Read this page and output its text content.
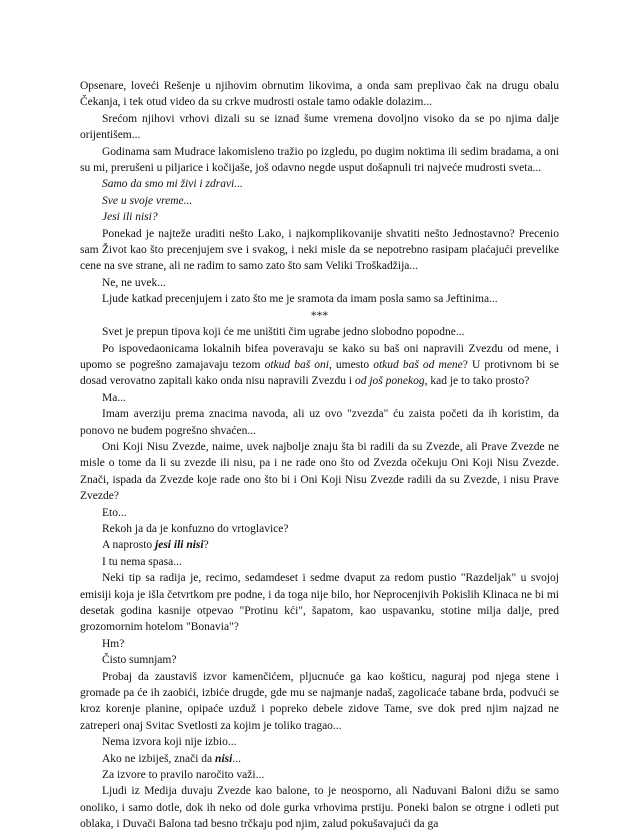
Opsenare, loveći Rešenje u njihovim obrnutim likovima, a onda sam preplivao čak na drugu obalu Čekanja, i tek otud video da su crkve mudrosti ostale tamo odakle dolazim...

Srećom njihovi vrhovi dizali su se iznad šume vremena dovoljno visoko da se po njima dalje orijentišem...

Godinama sam Mudrace lakomisleno tražio po izgledu, po dugim noktima ili sedim bradama, a oni su mi, prerušeni u piljarice i kočijaše, još odavno negde usput došapnuli tri najveće mudrosti sveta...

Samo da smo mi živi i zdravi...

Sve u svoje vreme...

Jesi ili nisi?

Ponekad je najteže uraditi nešto Lako, i najkomplikovanije shvatiti nešto Jednostavno? Precenio sam Život kao što precenjujem sve i svakog, i neki misle da se nepotrebno rasipam plaćajući prevelike cene na sve strane, ali ne radim to samo zato što sam Veliki Troškadžija...

Ne, ne uvek...

Ljude katkad precenjujem i zato što me je sramota da imam posla samo sa Jeftinima...

***

Svet je prepun tipova koji će me uništiti čim ugrabe jedno slobodno popodne...

Po ispovedaonicama lokalnih bifea poveravaju se kako su baš oni napravili Zvezdu od mene, i upomo se pogrešno zamajavaju tezom otkud baš oni, umesto otkud baš od mene? U protivnom bi se dosad verovatno zapitali kako onda nisu napravili Zvezdu i od još ponekog, kad je to tako prosto?

Ma...

Imam averziju prema znacima navoda, ali uz ovo "zvezda" ću zaista početi da ih koristim, da ponovo ne budem pogrešno shvaćen...

Oni Koji Nisu Zvezde, naime, uvek najbolje znaju šta bi radili da su Zvezde, ali Prave Zvezde ne misle o tome da li su zvezde ili nisu, pa i ne rade ono što od Zvezda očekuju Oni Koji Nisu Zvezde. Znači, ispada da Zvezde koje rade ono što bi i Oni Koji Nisu Zvezde radili da su Zvezde, i nisu Prave Zvezde?

Eto...

Rekoh ja da je konfuzno do vrtoglavice?

A naprosto jesi ili nisi?

I tu nema spasa...

Neki tip sa radija je, recimo, sedamdeset i sedme dvaput za redom pustio "Razdeljak" u svojoj emisiji koja je išla četvrtkom pre podne, i da toga nije bilo, hor Neprocenjivih Pokislih Klinaca ne bi mi desetak godina kasnije otpevao "Protinu kći", šapatom, kao uspavanku, stotine milja dalje, pred grozomornim hotelom "Bonavia"?

Hm?

Čisto sumnjam?

Probaj da zaustaviš izvor kamenčićem, pljucnuće ga kao košticu, naguraj pod njega stene i gromade pa će ih zaobići, izbiće drugde, gde mu se najmanje nadaš, zagolicaće tabane brda, podvući se kroz korenje planine, opipaće uzduž i popreko debele zidove Tame, sve dok pred njim najzad ne zatreperi onaj Svitac Svetlosti za kojim je toliko tragao...

Nema izvora koji nije izbio...

Ako ne izbiješ, znači da nisi...

Za izvore to pravilo naročito važi...

Ljudi iz Medija duvaju Zvezde kao balone, to je neosporno, ali Naduvani Baloni dižu se samo onoliko, i samo dotle, dok ih neko od dole gurka vrhovima prstiju. Poneki balon se otrgne i odleti put oblaka, i Duvači Balona tad besno trčkaju pod njim, zalud pokušavajući da ga
